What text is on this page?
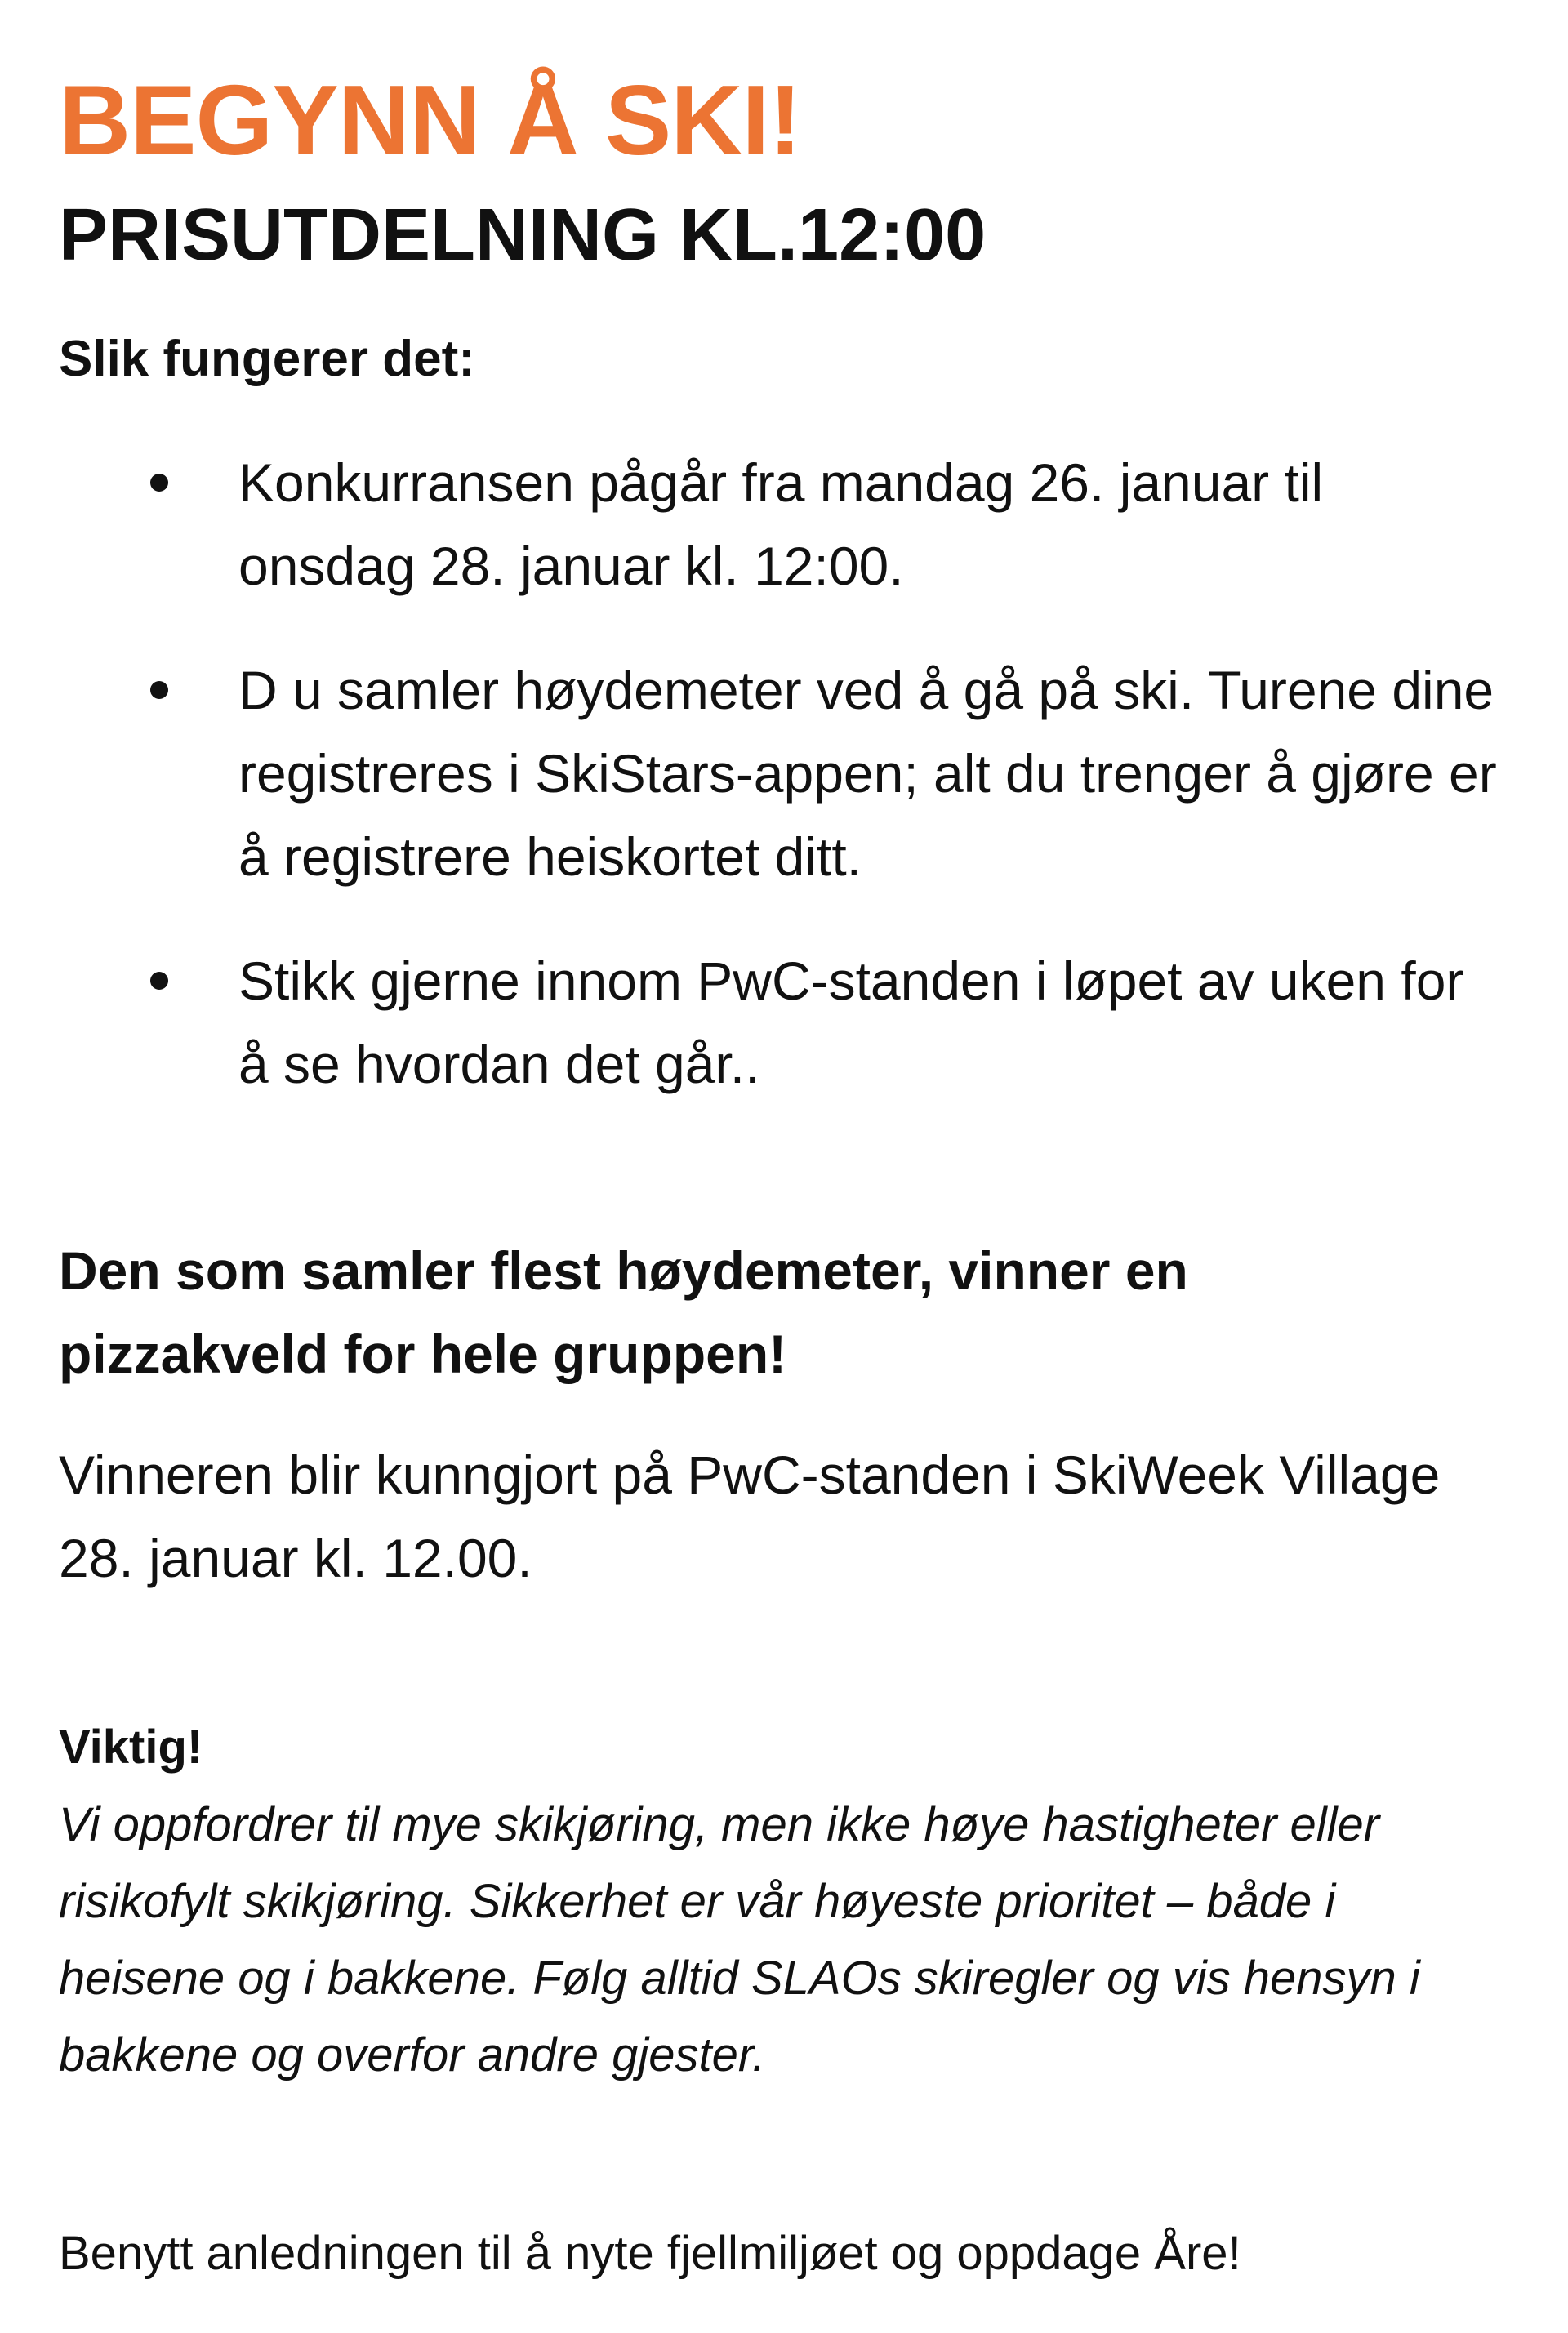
BEGYNN Å SKI!
PRISUTDELNING KL.12:00
Slik fungerer det:
Konkurransen pågår fra mandag 26. januar til onsdag 28. januar kl. 12:00.
D u samler høydemeter ved å gå på ski. Turene dine registreres i SkiStars-appen; alt du trenger å gjøre er å registrere heiskortet ditt.
Stikk gjerne innom PwC-standen i løpet av uken for å se hvordan det går..

Den som samler flest høydemeter, vinner en pizzakveld for hele gruppen!

Vinneren blir kunngjort på PwC-standen i SkiWeek Village 28. januar kl. 12.00.

Viktig!

Vi oppfordrer til mye skikjøring, men ikke høye hastigheter eller risikofylt skikjøring. Sikkerhet er vår høyeste prioritet – både i heisene og i bakkene. Følg alltid SLAOs skiregler og vis hensyn i bakkene og overfor andre gjester.

Benytt anledningen til å nyte fjellmiljøet og oppdage Åre!
